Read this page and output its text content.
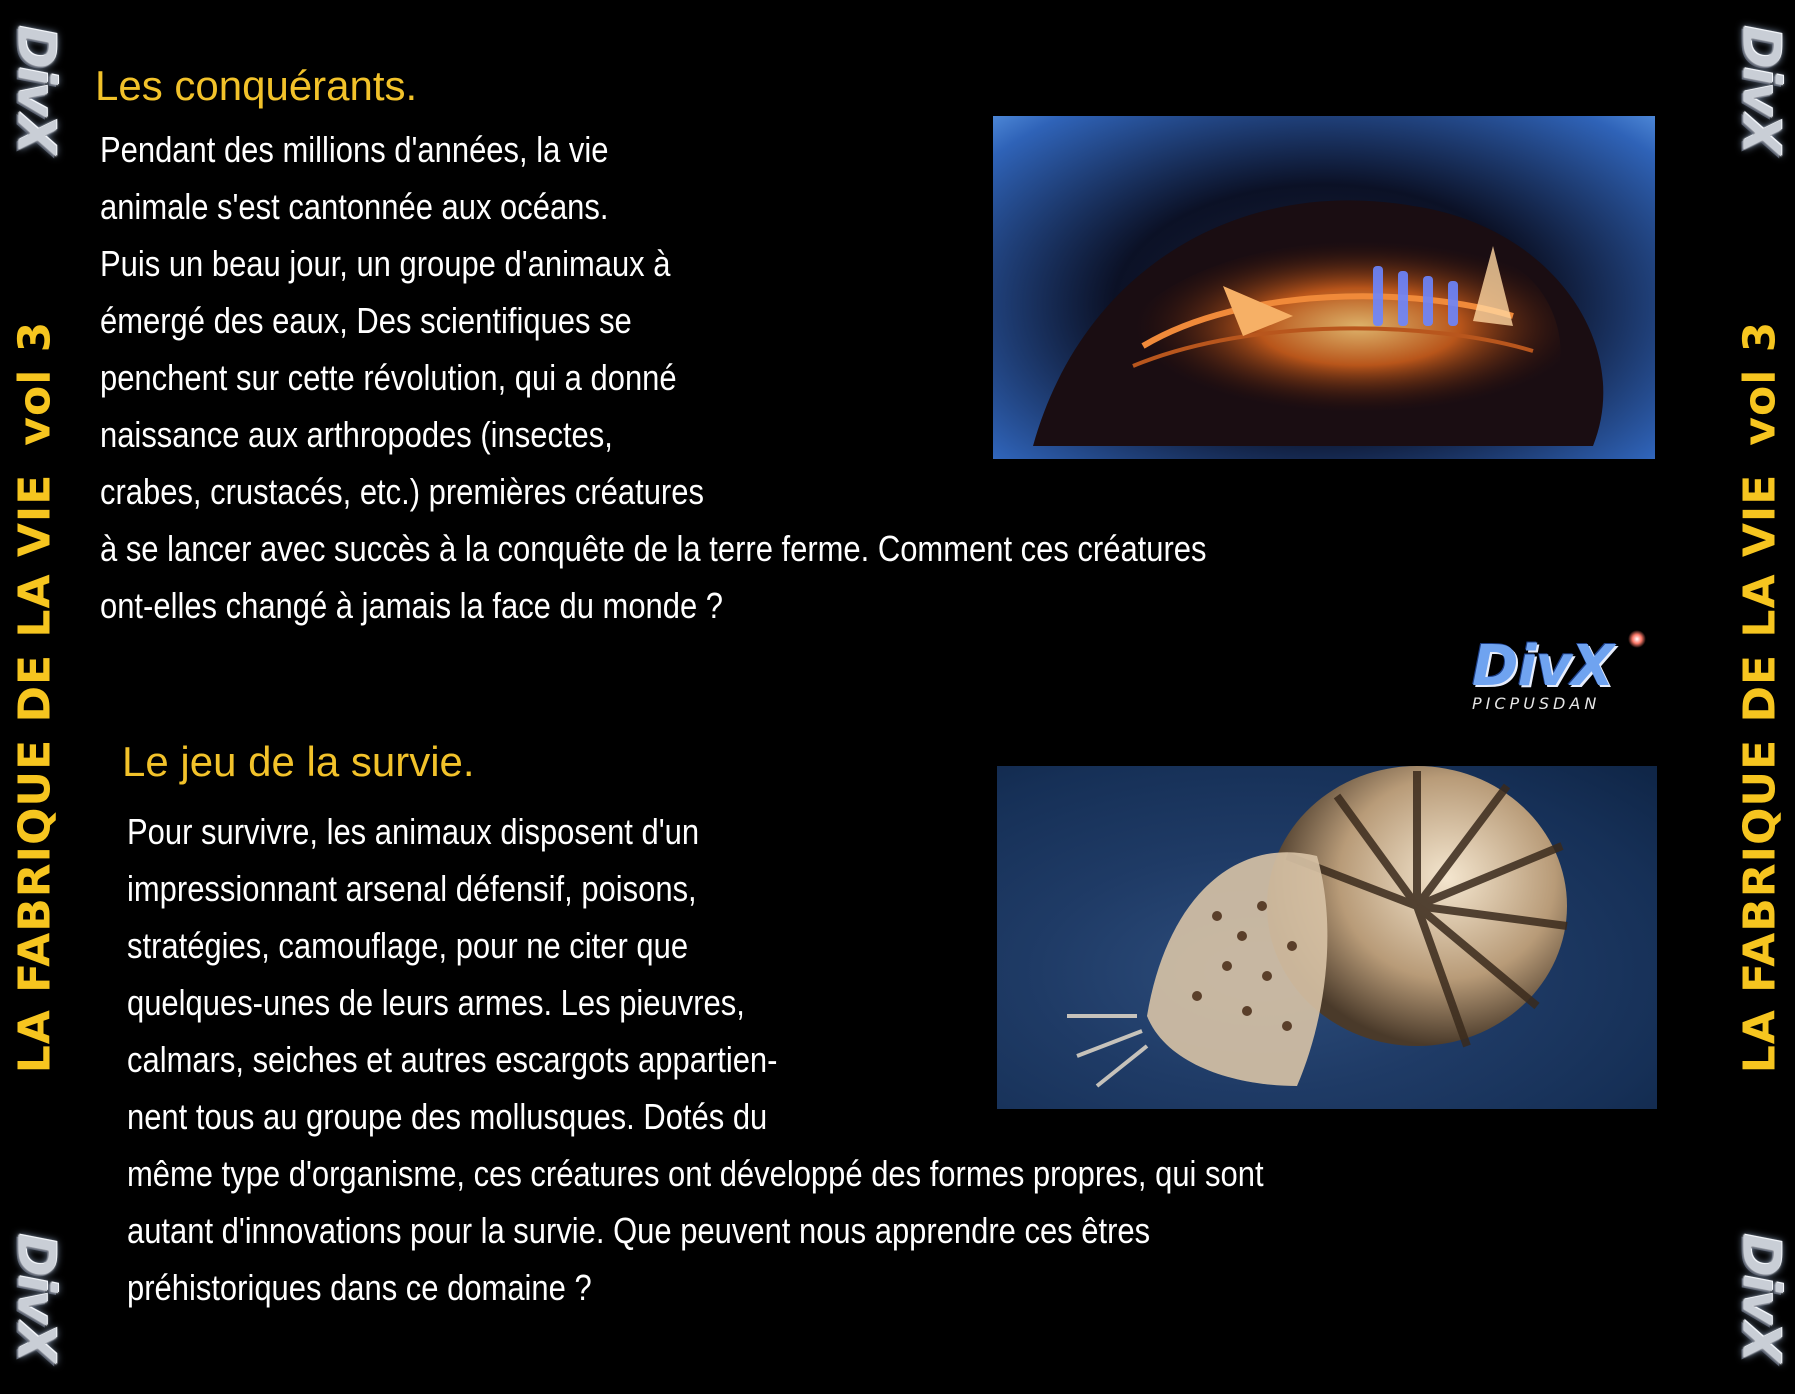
DivX
LA FABRIQUE DE LA VIEvol 3
DivX
DivX
LA FABRIQUE DE LA VIEvol 3
DivX
Les conquérants.
Pendant des millions d'années, la vie
animale s'est cantonnée aux océans.
Puis un beau jour, un groupe d'animaux à
émergé des eaux, Des scientifiques se
penchent sur cette révolution, qui a donné
naissance aux arthropodes (insectes,
crabes, crustacés, etc.) premières créatures
à se lancer avec succès à la conquête de la terre ferme. Comment ces créatures
ont-elles changé à jamais la face du monde ?
DivX
PICPUSDAN
Le jeu de la survie.
Pour survivre, les animaux disposent d'un
impressionnant arsenal défensif, poisons,
stratégies, camouflage, pour ne citer que
quelques-unes de leurs armes. Les pieuvres,
calmars, seiches et autres escargots appartien-
nent tous au groupe des mollusques. Dotés du
même type d'organisme, ces créatures ont développé des formes propres, qui sont
autant d'innovations pour la survie. Que peuvent nous apprendre ces êtres
préhistoriques dans ce domaine ?
